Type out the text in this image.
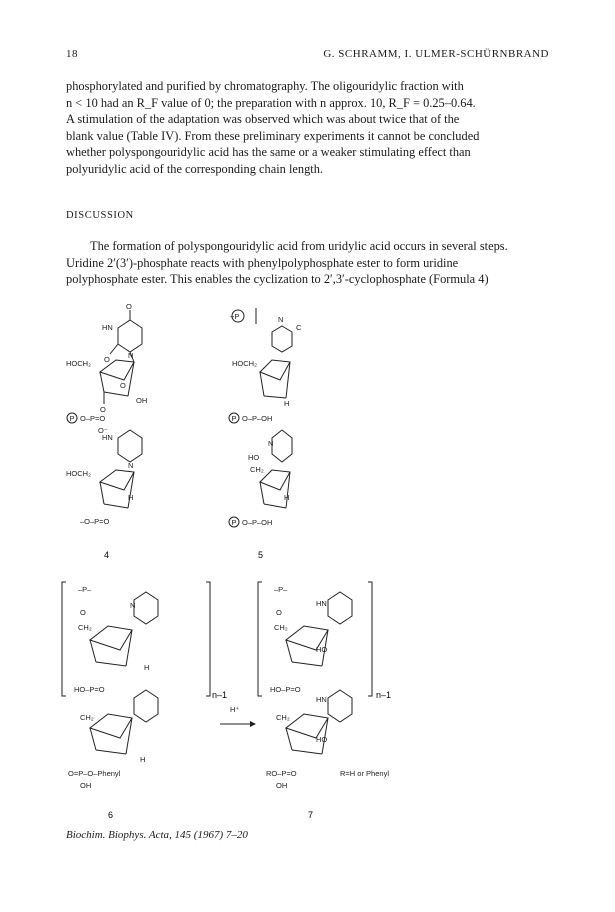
18	G. SCHRAMM, I. ULMER-SCHÜRNBRAND
phosphorylated and purified by chromatography. The oligouridylic fraction with
n < 10 had an R_F value of 0; the preparation with n approx. 10, R_F = 0.25–0.64.
A stimulation of the adaptation was observed which was about twice that of the
blank value (Table IV). From these preliminary experiments it cannot be concluded
whether polyspongouridylic acid has the same or a weaker stimulating effect than
polyuridylic acid of the corresponding chain length.
DISCUSSION
The formation of polyspongouridylic acid from uridylic acid occurs in several steps.
Uridine 2′(3′)-phosphate reacts with phenylpolyphosphate ester to form uridine
polyphosphate ester. This enables the cyclization to 2′,3′-cyclophosphate (Formula 4)
O
HN
N
O
HOCH₂
O
OH
O
P O–P=O
O⁻
HN
N
HOCH₂
H
–O–P=O
4
+P	N
C
HOCH₂
H
P O–P–OH
N
HO
CH₂
H
P O–P–OH
5
–P–
O
CH₂
N
H
HO–P=O
n–1
CH₂
H
O=P–O–Phenyl
OH
6
H⁺
–P–
O
CH₂
HN
HO
HO–P=O
n–1
CH₂
HN
HO
RO–P=O
OH
R=H or Phenyl
7
Biochim. Biophys. Acta, 145 (1967) 7–20
